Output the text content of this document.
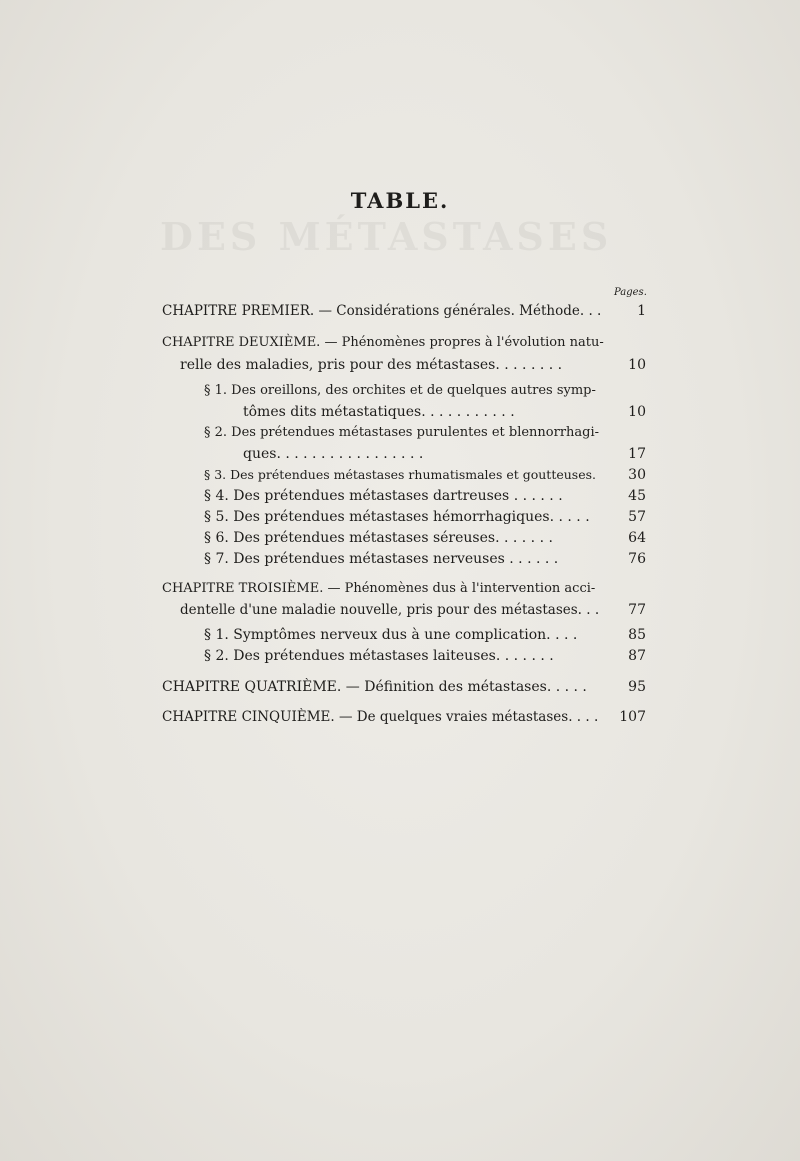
DES MÉTASTASES
TABLE.
Pages.
CHAPITRE PREMIER. — Considérations générales. Méthode. . .	1
CHAPITRE DEUXIÈME. — Phénomènes propres à l'évolution natu-
relle des maladies, pris pour des métastases. . . . . . . .	10
§ 1. Des oreillons, des orchites et de quelques autres symp-
tômes dits métastatiques. . . . . . . . . . .	10
§ 2. Des prétendues métastases purulentes et blennorrhagi-
ques. . . . . . . . . . . . . . . . .	17
§ 3. Des prétendues métastases rhumatismales et goutteuses.	30
§ 4. Des prétendues métastases dartreuses . . . . . .	45
§ 5. Des prétendues métastases hémorrhagiques. . . . .	57
§ 6. Des prétendues métastases séreuses. . . . . . .	64
§ 7. Des prétendues métastases nerveuses . . . . . .	76
CHAPITRE TROISIÈME. — Phénomènes dus à l'intervention acci-
dentelle d'une maladie nouvelle, pris pour des métastases. . .	77
§ 1. Symptômes nerveux dus à une complication. . . .	85
§ 2. Des prétendues métastases laiteuses. . . . . . .	87
CHAPITRE QUATRIÈME. — Définition des métastases. . . . .	95
CHAPITRE CINQUIÈME. — De quelques vraies métastases. . . .	107
